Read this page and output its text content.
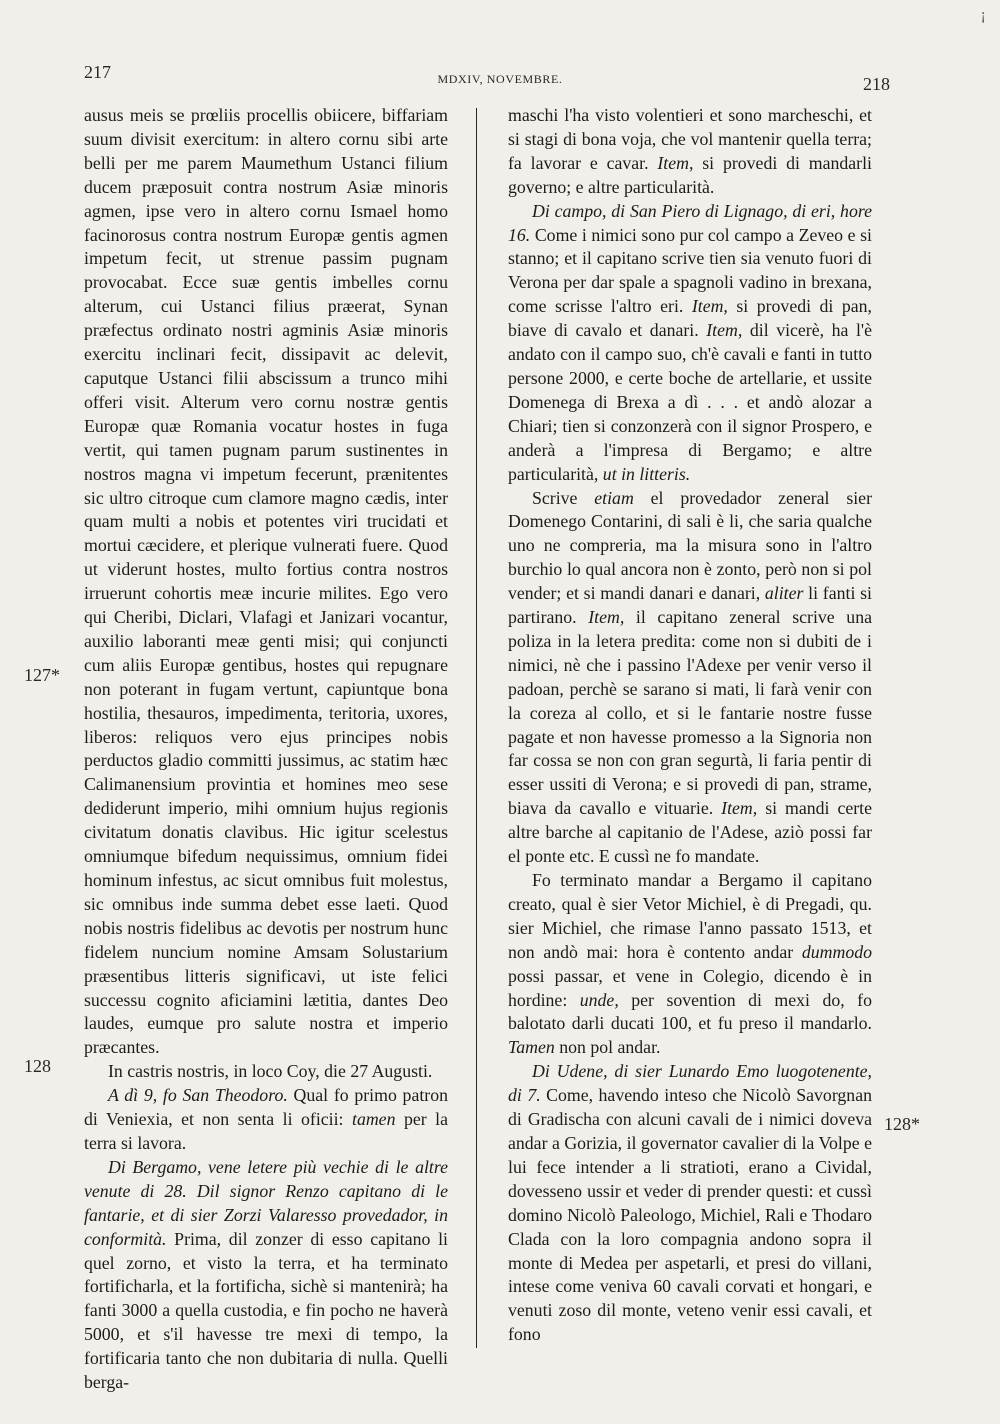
¡
217	MDXIV, NOVEMBRE.	218
127*
128
128*

ausus meis se prœliis procellis obiicere, biffariam suum divisit exercitum: in altero cornu sibi arte belli per me parem Maumethum Ustanci filium ducem præposuit contra nostrum Asiæ minoris agmen, ipse vero in altero cornu Ismael homo facinorosus contra nostrum Europæ gentis agmen impetum fecit, ut strenue passim pugnam provocabat. Ecce suæ gentis imbelles cornu alterum, cui Ustanci filius præerat, Synan præfectus ordinato nostri agminis Asiæ minoris exercitu inclinari fecit, dissipavit ac delevit, caputque Ustanci filii abscissum a trunco mihi offeri visit. Alterum vero cornu nostræ gentis Europæ quæ Romania vocatur hostes in fuga vertit, qui tamen pugnam parum sustinentes in nostros magna vi impetum fecerunt, prænitentes sic ultro citroque cum clamore magno cædis, inter quam multi a nobis et potentes viri trucidati et mortui cæcidere, et plerique vulnerati fuere. Quod ut viderunt hostes, multo fortius contra nostros irruerunt cohortis meæ incurie milites. Ego vero qui Cheribi, Diclari, Vlafagi et Janizari vocantur, auxilio laboranti meæ genti misi; qui conjuncti cum aliis Europæ gentibus, hostes qui repugnare non poterant in fugam vertunt, capiuntque bona hostilia, thesauros, impedimenta, teritoria, uxores, liberos: reliquos vero ejus principes nobis perductos gladio committi jussimus, ac statim hæc Calimanensium provintia et homines meo sese dediderunt imperio, mihi omnium hujus regionis civitatum donatis clavibus. Hic igitur scelestus omniumque bifedum nequissimus, omnium fidei hominum infestus, ac sicut omnibus fuit molestus, sic omnibus inde summa debet esse laeti. Quod nobis nostris fidelibus ac devotis per nostrum hunc fidelem nuncium nomine Amsam Solustarium præsentibus litteris significavi, ut iste felici successu cognito aficiamini lætitia, dantes Deo laudes, eumque pro salute nostra et imperio præcantes.

In castris nostris, in loco Coy, die 27 Augusti.

A dì 9, fo San Theodoro. Qual fo primo patron di Veniexia, et non senta li oficii: tamen per la terra si lavora.

Di Bergamo, vene letere più vechie di le altre venute di 28. Dil signor Renzo capitano di le fantarie, et di sier Zorzi Valaresso provedador, in conformità. Prima, dil zonzer di esso capitano li quel zorno, et visto la terra, et ha terminato fortificharla, et la fortificha, sichè si mantenirà; ha fanti 3000 a quella custodia, e fin pocho ne haverà 5000, et s'il havesse tre mexi di tempo, la fortificaria tanto che non dubitaria di nulla. Quelli berga-

maschi l'ha visto volentieri et sono marcheschi, et si stagi di bona voja, che vol mantenir quella terra; fa lavorar e cavar. Item, si provedi di mandarli governo; e altre particularità.

Di campo, di San Piero di Lignago, di eri, hore 16. Come i nimici sono pur col campo a Zeveo e si stanno; et il capitano scrive tien sia venuto fuori di Verona per dar spale a spagnoli vadino in brexana, come scrisse l'altro eri. Item, si provedi di pan, biave di cavalo et danari. Item, dil vicerè, ha l'è andato con il campo suo, ch'è cavali e fanti in tutto persone 2000, e certe boche de artellarie, et ussite Domenega di Brexa a dì . . . et andò alozar a Chiari; tien si conzonzerà con il signor Prospero, e anderà a l'impresa di Bergamo; e altre particularità, ut in litteris.

Scrive etiam el provedador zeneral sier Domenego Contarini, di sali è li, che saria qualche uno ne compreria, ma la misura sono in l'altro burchio lo qual ancora non è zonto, però non si pol vender; et si mandi danari e danari, aliter li fanti si partirano. Item, il capitano zeneral scrive una poliza in la letera predita: come non si dubiti de i nimici, nè che i passino l'Adexe per venir verso il padoan, perchè se sarano si mati, li farà venir con la coreza al collo, et si le fantarie nostre fusse pagate et non havesse promesso a la Signoria non far cossa se non con gran segurtà, li faria pentir di esser ussiti di Verona; e si provedi di pan, strame, biava da cavallo e vituarie. Item, si mandi certe altre barche al capitanio de l'Adese, aziò possi far el ponte etc. E cussì ne fo mandate.

Fo terminato mandar a Bergamo il capitano creato, qual è sier Vetor Michiel, è di Pregadi, qu. sier Michiel, che rimase l'anno passato 1513, et non andò mai: hora è contento andar dummodo possi passar, et vene in Colegio, dicendo è in hordine: unde, per sovention di mexi do, fo balotato darli ducati 100, et fu preso il mandarlo. Tamen non pol andar.

Di Udene, di sier Lunardo Emo luogotenente, di 7. Come, havendo inteso che Nicolò Savorgnan di Gradischa con alcuni cavali de i nimici doveva andar a Gorizia, il governator cavalier di la Volpe e lui fece intender a li stratioti, erano a Cividal, dovesseno ussir et veder di prender questi: et cussì domino Nicolò Paleologo, Michiel, Rali e Thodaro Clada con la loro compagnia andono sopra il monte di Medea per aspetarli, et presi do villani, intese come veniva 60 cavali corvati et hongari, e venuti zoso dil monte, veteno venir essi cavali, et fono
